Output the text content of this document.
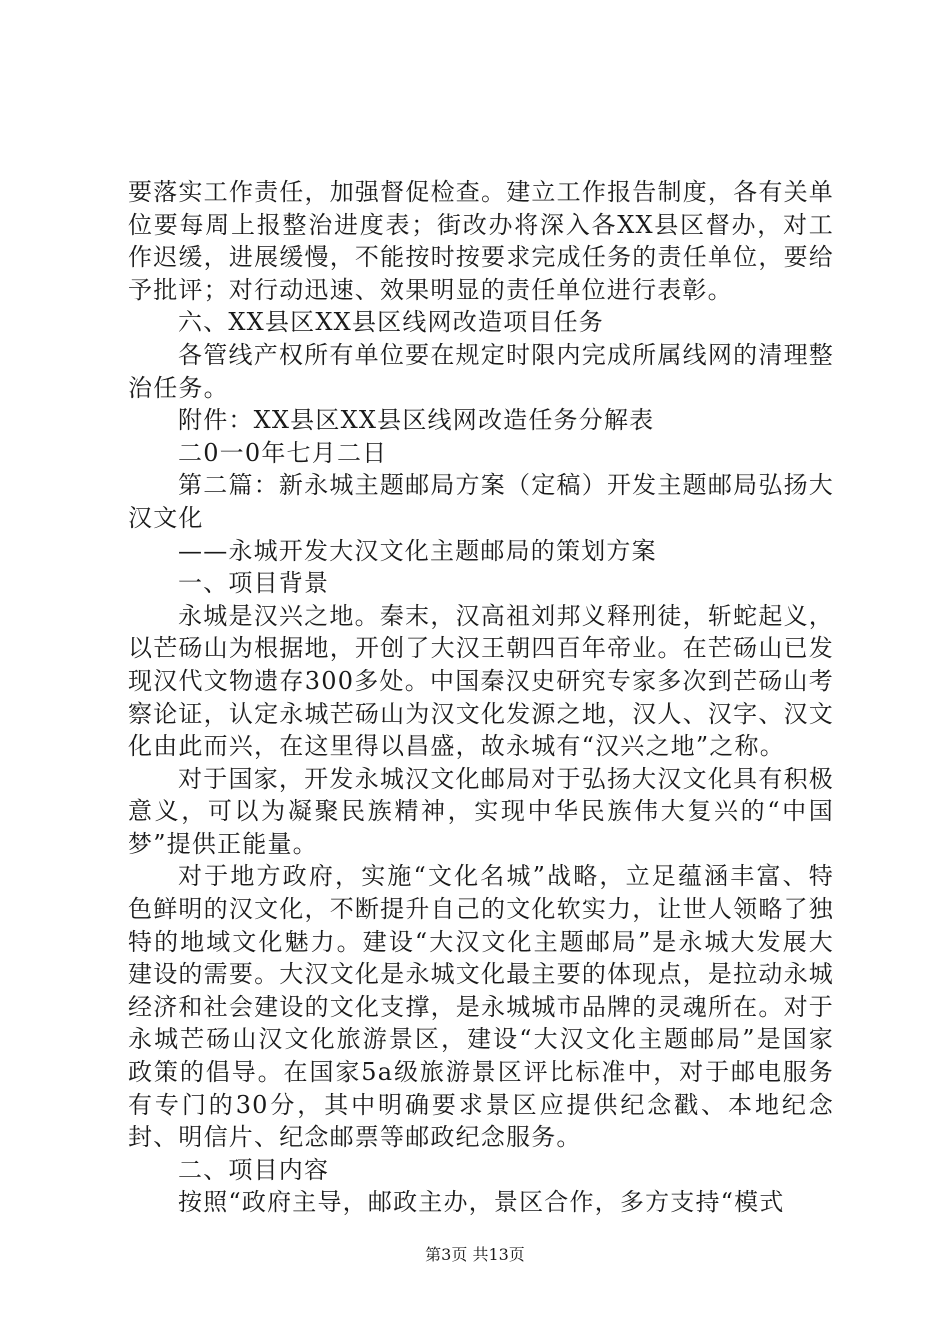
要落实工作责任，加强督促检查。建立工作报告制度，各有关单位要每周上报整治进度表；街改办将深入各XX县区督办，对工作迟缓，进展缓慢，不能按时按要求完成任务的责任单位，要给予批评；对行动迅速、效果明显的责任单位进行表彰。

六、XX县区XX县区线网改造项目任务

各管线产权所有单位要在规定时限内完成所属线网的清理整治任务。

附件：XX县区XX县区线网改造任务分解表

二0一0年七月二日

第二篇：新永城主题邮局方案（定稿）开发主题邮局弘扬大汉文化

——永城开发大汉文化主题邮局的策划方案

一、项目背景

永城是汉兴之地。秦末，汉高祖刘邦义释刑徒，斩蛇起义，以芒砀山为根据地，开创了大汉王朝四百年帝业。在芒砀山已发现汉代文物遗存300多处。中国秦汉史研究专家多次到芒砀山考察论证，认定永城芒砀山为汉文化发源之地，汉人、汉字、汉文化由此而兴，在这里得以昌盛，故永城有“汉兴之地”之称。

对于国家，开发永城汉文化邮局对于弘扬大汉文化具有积极意义，可以为凝聚民族精神，实现中华民族伟大复兴的“中国梦”提供正能量。

对于地方政府，实施“文化名城”战略，立足蕴涵丰富、特色鲜明的汉文化，不断提升自己的文化软实力，让世人领略了独特的地域文化魅力。建设“大汉文化主题邮局”是永城大发展大建设的需要。大汉文化是永城文化最主要的体现点，是拉动永城经济和社会建设的文化支撑，是永城城市品牌的灵魂所在。对于永城芒砀山汉文化旅游景区，建设“大汉文化主题邮局”是国家政策的倡导。在国家5a级旅游景区评比标准中，对于邮电服务有专门的30分，其中明确要求景区应提供纪念戳、本地纪念封、明信片、纪念邮票等邮政纪念服务。

二、项目内容

按照“政府主导，邮政主办，景区合作，多方支持“模式

第3页 共13页
